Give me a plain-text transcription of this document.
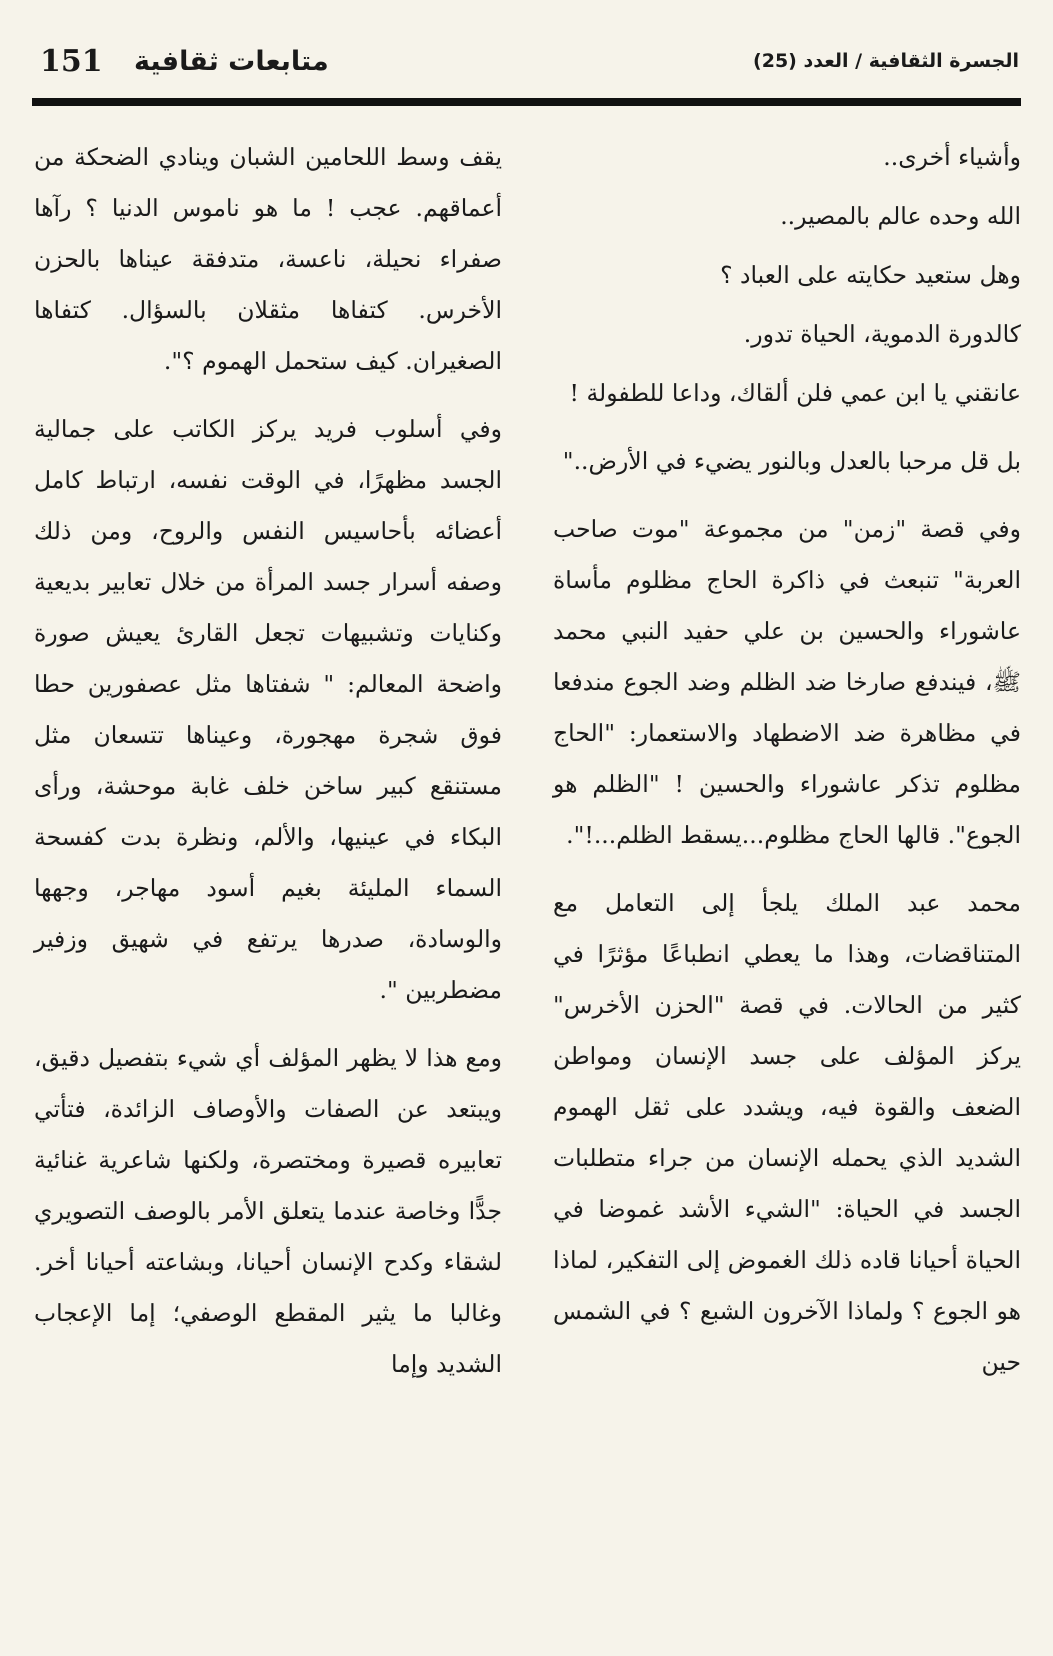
151 متابعات ثقافية	الجسرة الثقافية / العدد (25)

وأشياء أخرى..

الله وحده عالم بالمصير..

وهل ستعيد حكايته على العباد ؟

كالدورة الدموية، الحياة تدور.

عانقني يا ابن عمي فلن ألقاك، وداعا للطفولة !

بل قل مرحبا بالعدل وبالنور يضيء في الأرض.."

وفي قصة "زمن" من مجموعة "موت صاحب العربة" تنبعث في ذاكرة الحاج مظلوم مأساة عاشوراء والحسين بن علي حفيد النبي محمد ﷺ، فيندفع صارخا ضد الظلم وضد الجوع مندفعا في مظاهرة ضد الاضطهاد والاستعمار: "الحاج مظلوم تذكر عاشوراء والحسين ! "الظلم هو الجوع". قالها الحاج مظلوم...يسقط الظلم...!".

محمد عبد الملك يلجأ إلى التعامل مع المتناقضات، وهذا ما يعطي انطباعًا مؤثرًا في كثير من الحالات. في قصة "الحزن الأخرس" يركز المؤلف على جسد الإنسان ومواطن الضعف والقوة فيه، ويشدد على ثقل الهموم الشديد الذي يحمله الإنسان من جراء متطلبات الجسد في الحياة: "الشيء الأشد غموضا في الحياة أحيانا قاده ذلك الغموض إلى التفكير، لماذا هو الجوع ؟ ولماذا الآخرون الشبع ؟ في الشمس حين

يقف وسط اللحامين الشبان وينادي الضحكة من أعماقهم. عجب ! ما هو ناموس الدنيا ؟ رآها صفراء نحيلة، ناعسة، متدفقة عيناها بالحزن الأخرس. كتفاها مثقلان بالسؤال. كتفاها الصغيران. كيف ستحمل الهموم ؟".

وفي أسلوب فريد يركز الكاتب على جمالية الجسد مظهرًا، في الوقت نفسه، ارتباط كامل أعضائه بأحاسيس النفس والروح، ومن ذلك وصفه أسرار جسد المرأة من خلال تعابير بديعية وكنايات وتشبيهات تجعل القارئ يعيش صورة واضحة المعالم: " شفتاها مثل عصفورين حطا فوق شجرة مهجورة، وعيناها تتسعان مثل مستنقع كبير ساخن خلف غابة موحشة، ورأى البكاء في عينيها، والألم، ونظرة بدت كفسحة السماء المليئة بغيم أسود مهاجر، وجهها والوسادة، صدرها يرتفع في شهيق وزفير مضطربين ".

ومع هذا لا يظهر المؤلف أي شيء بتفصيل دقيق، ويبتعد عن الصفات والأوصاف الزائدة، فتأتي تعابيره قصيرة ومختصرة، ولكنها شاعرية غنائية جدًّا وخاصة عندما يتعلق الأمر بالوصف التصويري لشقاء وكدح الإنسان أحيانا، وبشاعته أحيانا أخر. وغالبا ما يثير المقطع الوصفي؛ إما الإعجاب الشديد وإما
